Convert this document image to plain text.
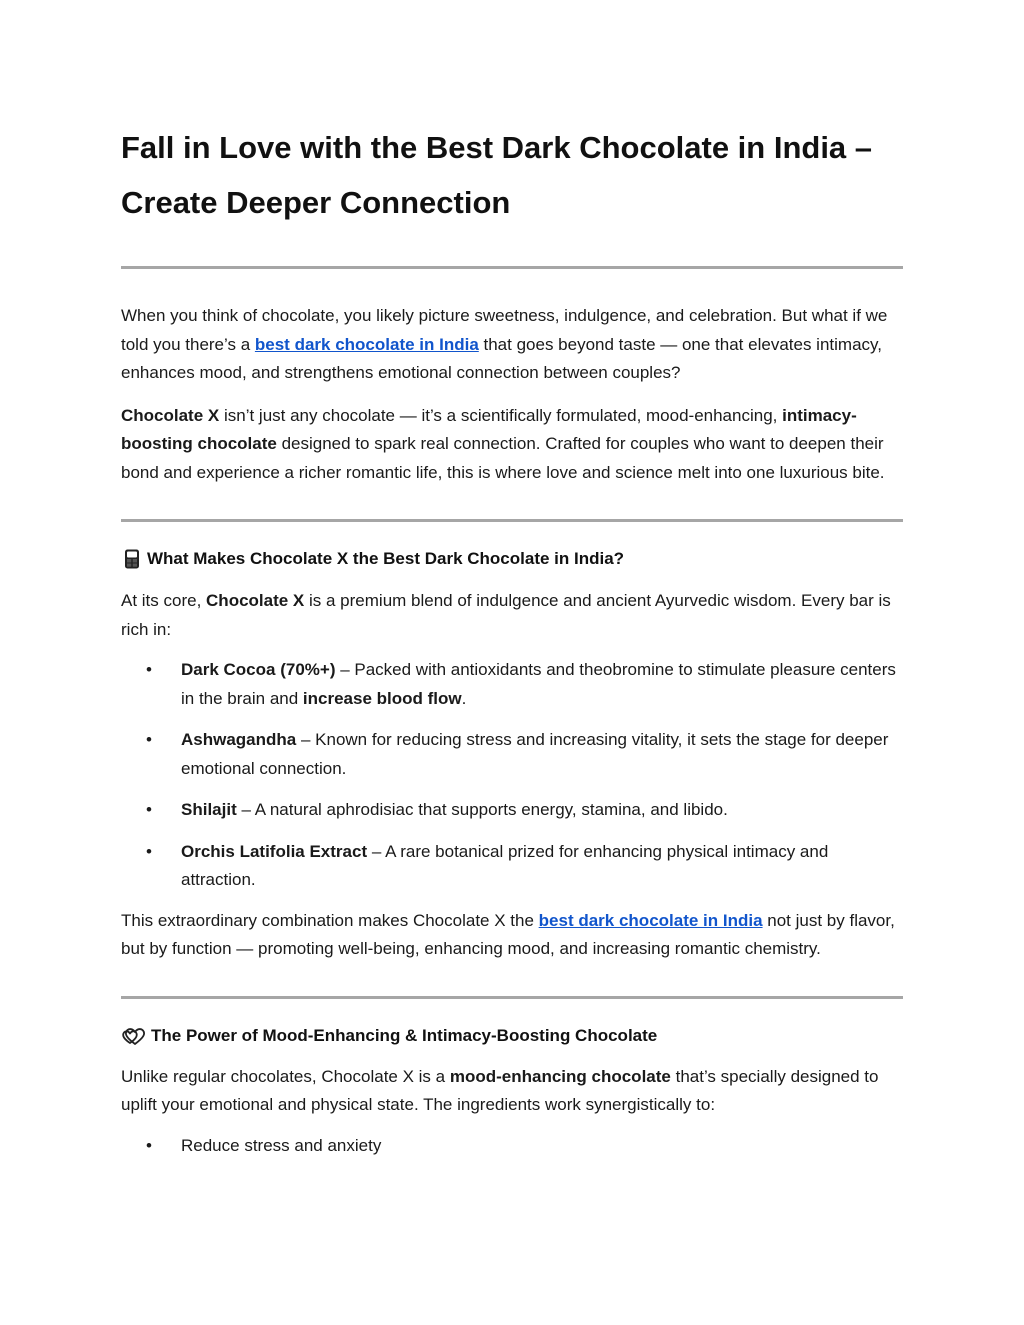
Fall in Love with the Best Dark Chocolate in India – Create Deeper Connection

When you think of chocolate, you likely picture sweetness, indulgence, and celebration. But what if we told you there’s a best dark chocolate in India that goes beyond taste — one that elevates intimacy, enhances mood, and strengthens emotional connection between couples?

Chocolate X isn’t just any chocolate — it’s a scientifically formulated, mood-enhancing, intimacy-boosting chocolate designed to spark real connection. Crafted for couples who want to deepen their bond and experience a richer romantic life, this is where love and science melt into one luxurious bite.

What Makes Chocolate X the Best Dark Chocolate in India?

At its core, Chocolate X is a premium blend of indulgence and ancient Ayurvedic wisdom. Every bar is rich in:

• Dark Cocoa (70%+) – Packed with antioxidants and theobromine to stimulate pleasure centers in the brain and increase blood flow.
• Ashwagandha – Known for reducing stress and increasing vitality, it sets the stage for deeper emotional connection.
• Shilajit – A natural aphrodisiac that supports energy, stamina, and libido.
• Orchis Latifolia Extract – A rare botanical prized for enhancing physical intimacy and attraction.

This extraordinary combination makes Chocolate X the best dark chocolate in India not just by flavor, but by function — promoting well-being, enhancing mood, and increasing romantic chemistry.

The Power of Mood-Enhancing & Intimacy-Boosting Chocolate

Unlike regular chocolates, Chocolate X is a mood-enhancing chocolate that’s specially designed to uplift your emotional and physical state. The ingredients work synergistically to:

• Reduce stress and anxiety
